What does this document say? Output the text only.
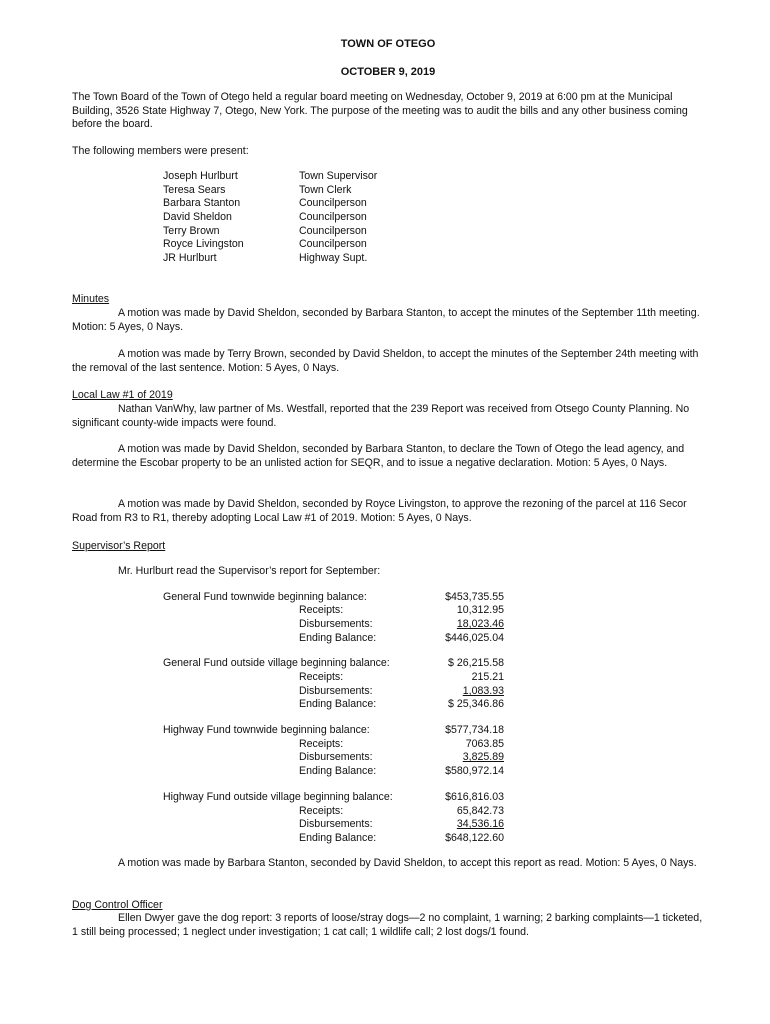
TOWN OF OTEGO
OCTOBER 9, 2019

The Town Board of the Town of Otego held a regular board meeting on Wednesday, October 9, 2019 at 6:00 pm at the Municipal Building, 3526 State Highway 7, Otego, New York. The purpose of the meeting was to audit the bills and any other business coming before the board.

The following members were present:

Joseph Hurlburt	Town Supervisor
Teresa Sears	Town Clerk
Barbara Stanton	Councilperson
David Sheldon	Councilperson
Terry Brown	Councilperson
Royce Livingston	Councilperson
JR Hurlburt	Highway Supt.
Minutes

A motion was made by David Sheldon, seconded by Barbara Stanton, to accept the minutes of the September 11th meeting. Motion: 5 Ayes, 0 Nays.

A motion was made by Terry Brown, seconded by David Sheldon, to accept the minutes of the September 24th meeting with the removal of the last sentence. Motion: 5 Ayes, 0 Nays.

Local Law #1 of 2019

Nathan VanWhy, law partner of Ms. Westfall, reported that the 239 Report was received from Otsego County Planning. No significant county-wide impacts were found.

A motion was made by David Sheldon, seconded by Barbara Stanton, to declare the Town of Otego the lead agency, and determine the Escobar property to be an unlisted action for SEQR, and to issue a negative declaration. Motion: 5 Ayes, 0 Nays.

A motion was made by David Sheldon, seconded by Royce Livingston, to approve the rezoning of the parcel at 116 Secor Road from R3 to R1, thereby adopting Local Law #1 of 2019. Motion: 5 Ayes, 0 Nays.

Supervisor’s Report

Mr. Hurlburt read the Supervisor’s report for September:

General Fund townwide beginning balance:	$453,735.55
Receipts:	10,312.95
Disbursements:	18,023.46
Ending Balance:	$446,025.04
General Fund outside village beginning balance:	$ 26,215.58
Receipts:	215.21
Disbursements:	1,083.93
Ending Balance:	$ 25,346.86
Highway Fund townwide beginning balance:	$577,734.18
Receipts:	7063.85
Disbursements:	3,825.89
Ending Balance:	$580,972.14
Highway Fund outside village beginning balance:	$616,816.03
Receipts:	65,842.73
Disbursements:	34,536.16
Ending Balance:	$648,122.60

A motion was made by Barbara Stanton, seconded by David Sheldon, to accept this report as read. Motion: 5 Ayes, 0 Nays.

Dog Control Officer

Ellen Dwyer gave the dog report: 3 reports of loose/stray dogs—2 no complaint, 1 warning; 2 barking complaints—1 ticketed, 1 still being processed; 1 neglect under investigation; 1 cat call; 1 wildlife call; 2 lost dogs/1 found.
